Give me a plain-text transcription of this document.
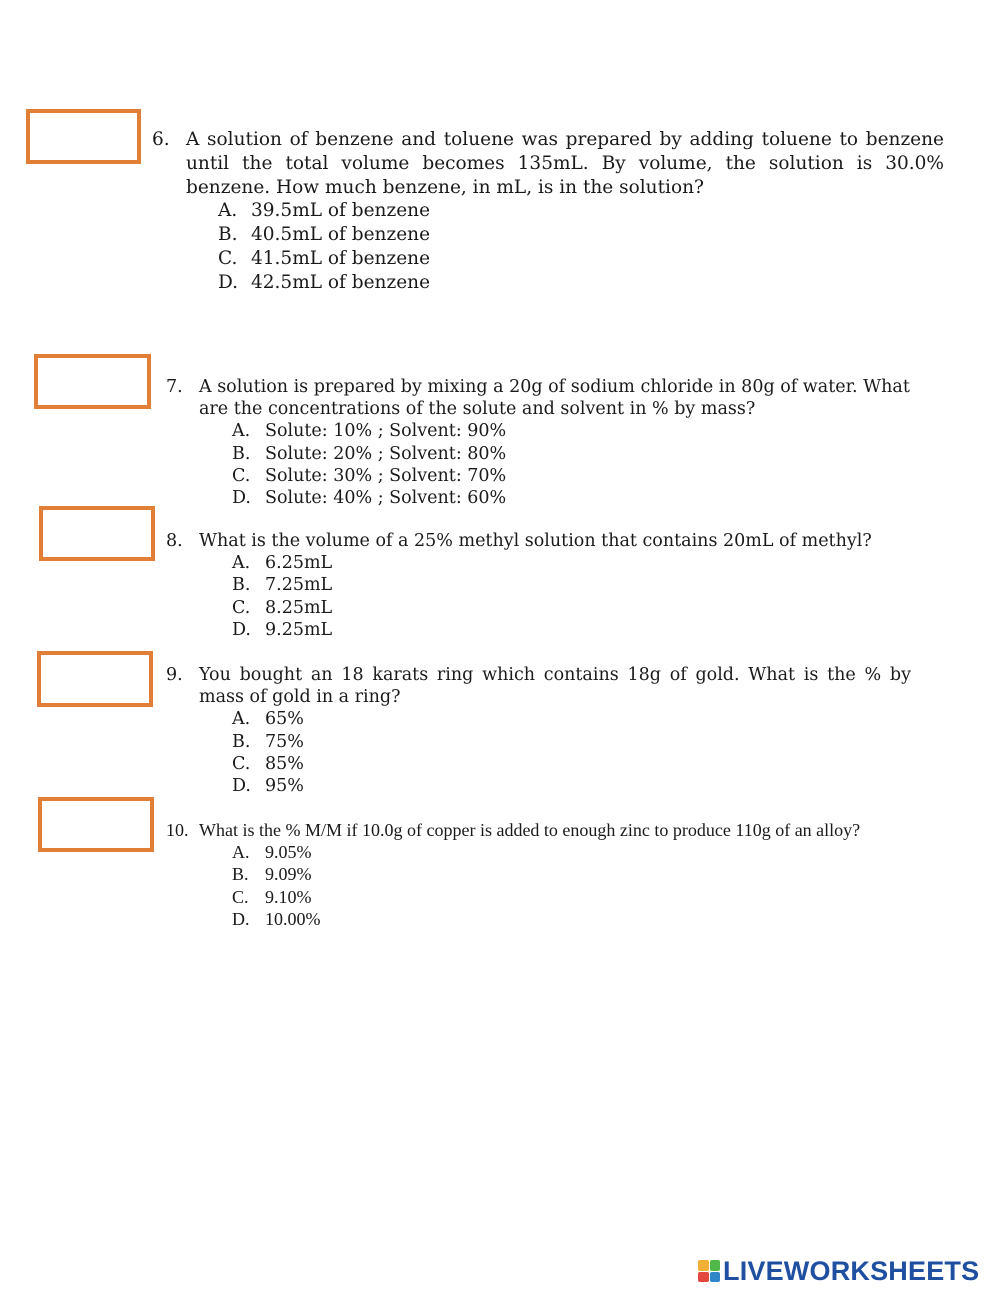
6. A solution of benzene and toluene was prepared by adding toluene to benzene until the total volume becomes 135mL. By volume, the solution is 30.0% benzene. How much benzene, in mL, is in the solution?
A. 39.5mL of benzene
B. 40.5mL of benzene
C. 41.5mL of benzene
D. 42.5mL of benzene
7. A solution is prepared by mixing a 20g of sodium chloride in 80g of water. What are the concentrations of the solute and solvent in % by mass?
A. Solute: 10% ; Solvent: 90%
B. Solute: 20% ; Solvent: 80%
C. Solute: 30% ; Solvent: 70%
D. Solute: 40% ; Solvent: 60%
8. What is the volume of a 25% methyl solution that contains 20mL of methyl?
A. 6.25mL
B. 7.25mL
C. 8.25mL
D. 9.25mL
9. You bought an 18 karats ring which contains 18g of gold. What is the % by mass of gold in a ring?
A. 65%
B. 75%
C. 85%
D. 95%
10. What is the % M/M if 10.0g of copper is added to enough zinc to produce 110g of an alloy?
A. 9.05%
B. 9.09%
C. 9.10%
D. 10.00%
LIVEWORKSHEETS
